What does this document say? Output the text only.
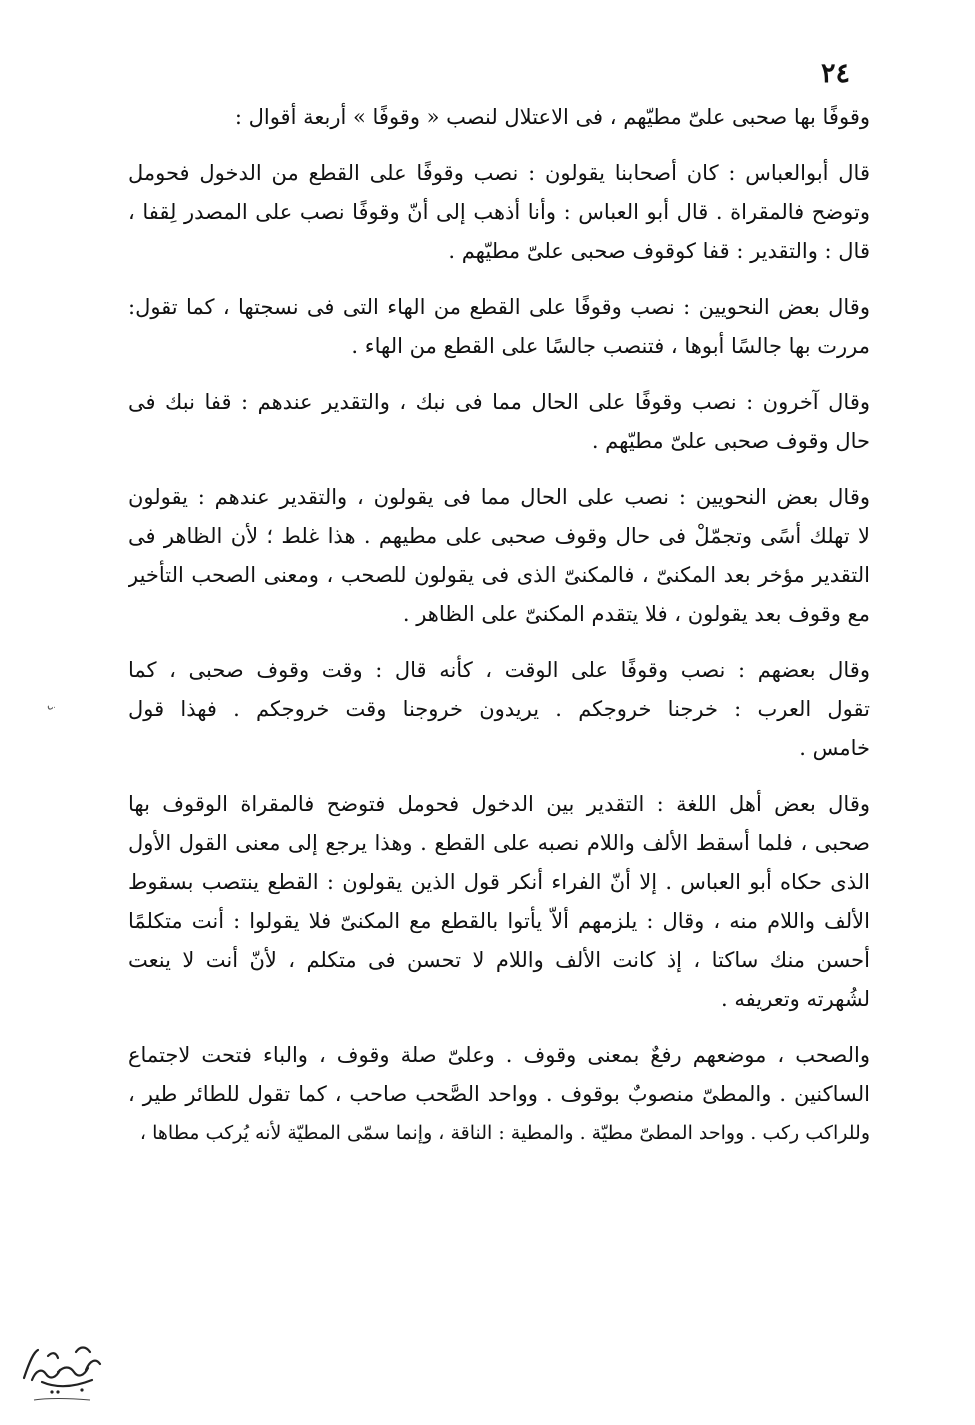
٢٤
وقوفًا بها صحبى علىّ مطيّهم ، فى الاعتلال لنصب « وقوفًا » أربعة أقوال :
قال أبوالعباس : كان أصحابنا يقولون : نصب وقوفًا على القطع من الدخول فحومل
وتوضح فالمقراة . قال أبو العباس : وأنا أذهب إلى أنّ وقوفًا نصب على المصدر لِقفا ،
قال : والتقدير : قفا كوقوف صحبى علىّ مطيّهم .
وقال بعض النحويين : نصب وقوفًا على القطع من الهاء التى فى نسجتها ، كما تقول:
مررت بها جالسًا أبوها ، فتنصب جالسًا على القطع من الهاء .
وقال آخرون : نصب وقوفًا على الحال مما فى نبك ، والتقدير عندهم : قفا نبك فى
حال وقوف صحبى علىّ مطيّهم .
وقال بعض النحويين : نصب على الحال مما فى يقولون ، والتقدير عندهم : يقولون
لا تهلك أسًى وتجمّلْ فى حال وقوف صحبى على مطيهم . هذا غلط ؛ لأن الظاهر فى
التقدير مؤخر بعد المكنىّ ، فالمكنىّ الذى فى يقولون للصحب ، ومعنى الصحب التأخير
مع وقوف بعد يقولون ، فلا يتقدم المكنىّ على الظاهر .
وقال بعضهم : نصب وقوفًا على الوقت ، كأنه قال : وقت وقوف صحبى ، كما
تقول العرب : خرجنا خروجكم . يريدون خروجنا وقت خروجكم . فهذا قول
خامس .
وقال بعض أهل اللغة : التقدير بين الدخول فحومل فتوضح فالمقراة الوقوف بها
صحبى ، فلما أسقط الألف واللام نصبه على القطع . وهذا يرجع إلى معنى القول الأول
الذى حكاه أبو العباس . إلا أنّ الفراء أنكر قول الذين يقولون : القطع ينتصب بسقوط
الألف واللام منه ، وقال : يلزمهم ألاّ يأتوا بالقطع مع المكنىّ فلا يقولوا : أنت متكلمًا
أحسن منك ساكتا ، إذ كانت الألف واللام لا تحسن فى متكلم ، لأنّ أنت لا ينعت
لشُهرته وتعريفه .
والصحب ، موضعهم رفعٌ بمعنى وقوف . وعلىّ صلة وقوف ، والباء فتحت لاجتماع
الساكنين . والمطىّ منصوبٌ بوقوف . وواحد الصَّحب صاحب ، كما تقول للطائر طير ،
وللراكب ركب . وواحد المطىّ مطيّة . والمطية : الناقة ، وإنما سمّى المطيّة لأنه يُركب مطاها ،
ذ
